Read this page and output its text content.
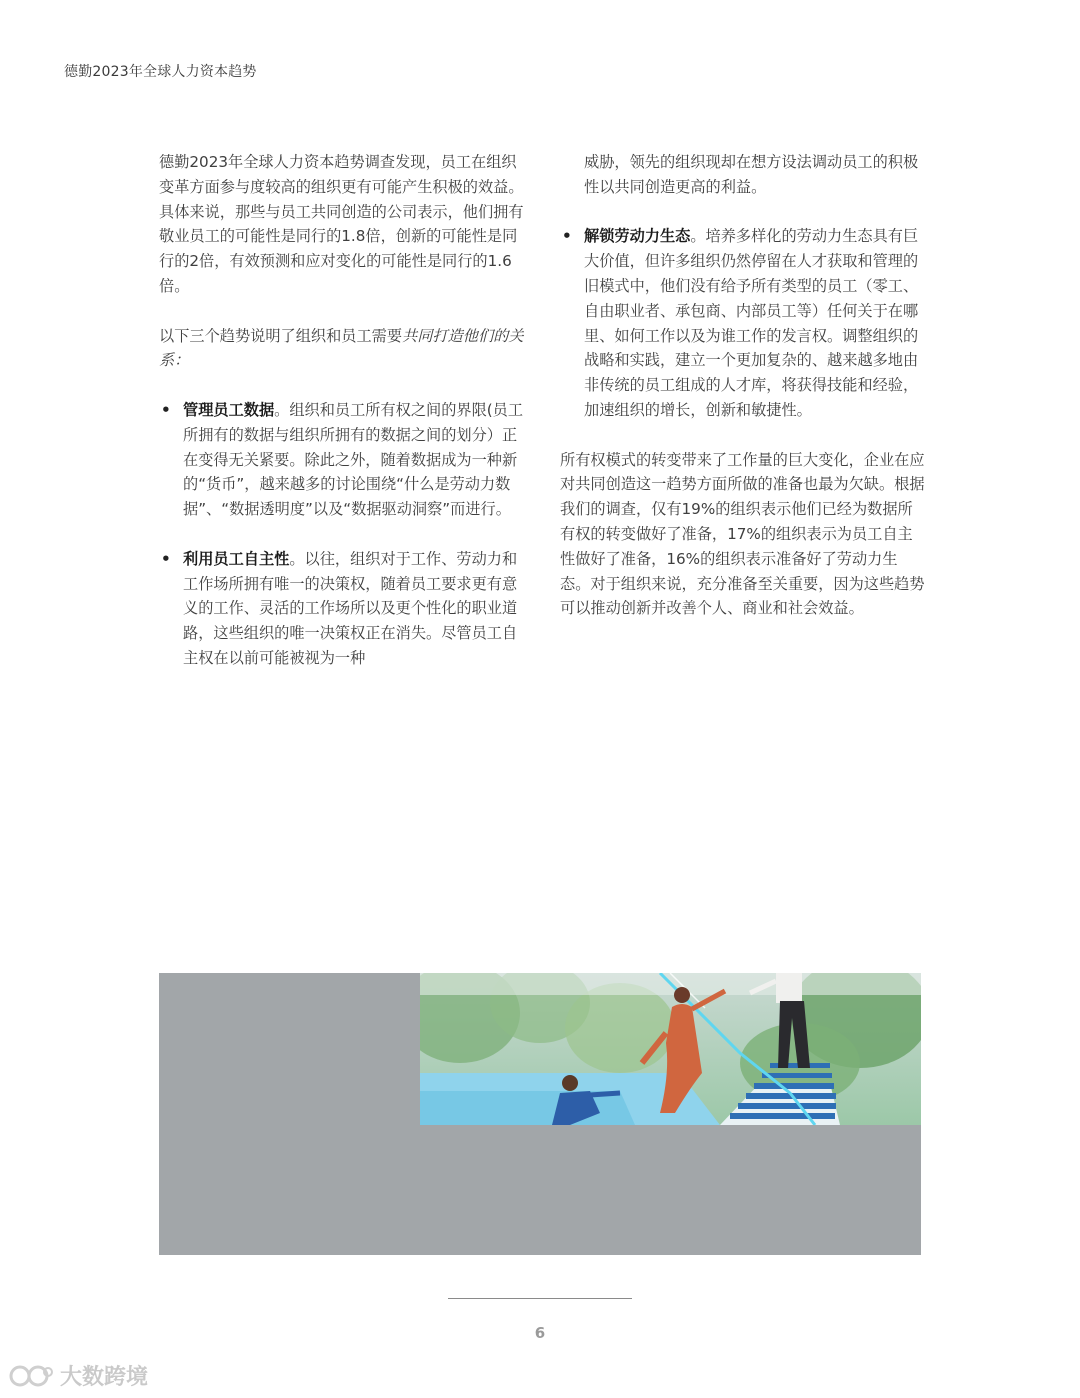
德勤2023年全球人力资本趋势

德勤2023年全球人力资本趋势调查发现，员工在组织变革方面参与度较高的组织更有可能产生积极的效益。具体来说，那些与员工共同创造的公司表示，他们拥有敬业员工的可能性是同行的1.8倍，创新的可能性是同行的2倍，有效预测和应对变化的可能性是同行的1.6倍。

以下三个趋势说明了组织和员工需要共同打造他们的关系：

• 管理员工数据。组织和员工所有权之间的界限(员工所拥有的数据与组织所拥有的数据之间的划分）正在变得无关紧要。除此之外，随着数据成为一种新的“货币”，越来越多的讨论围绕“什么是劳动力数据”、“数据透明度”以及“数据驱动洞察”而进行。
• 利用员工自主性。以往，组织对于工作、劳动力和工作场所拥有唯一的决策权，随着员工要求更有意义的工作、灵活的工作场所以及更个性化的职业道路，这些组织的唯一决策权正在消失。尽管员工自主权在以前可能被视为一种

威胁，领先的组织现却在想方设法调动员工的积极性以共同创造更高的利益。

• 解锁劳动力生态。培养多样化的劳动力生态具有巨大价值，但许多组织仍然停留在人才获取和管理的旧模式中，他们没有给予所有类型的员工（零工、自由职业者、承包商、内部员工等）任何关于在哪里、如何工作以及为谁工作的发言权。调整组织的战略和实践，建立一个更加复杂的、越来越多地由非传统的员工组成的人才库，将获得技能和经验，加速组织的增长，创新和敏捷性。

所有权模式的转变带来了工作量的巨大变化，企业在应对共同创造这一趋势方面所做的准备也最为欠缺。根据我们的调查，仅有19%的组织表示他们已经为数据所有权的转变做好了准备，17%的组织表示为员工自主性做好了准备，16%的组织表示准备好了劳动力生态。对于组织来说，充分准备至关重要，因为这些趋势可以推动创新并改善个人、商业和社会效益。

6
大数跨境
